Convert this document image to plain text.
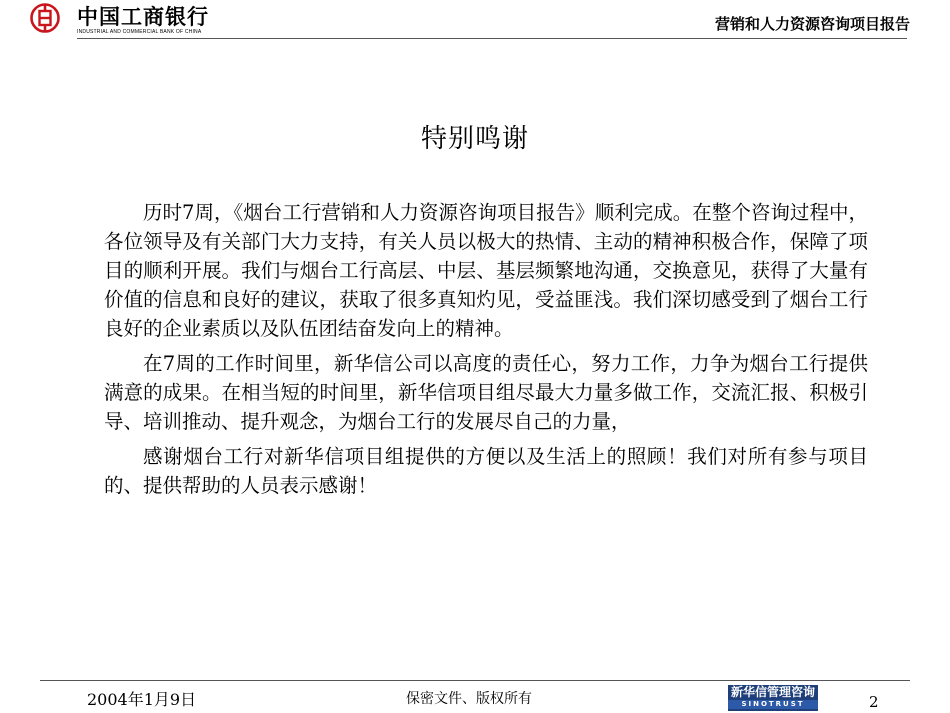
中国工商银行
INDUSTRIAL AND COMMERCIAL BANK OF CHINA	营销和人力资源咨询项目报告
特别鸣谢

历时7周，《烟台工行营销和人力资源咨询项目报告》顺利完成。在整个咨询过程中，各位领导及有关部门大力支持，有关人员以极大的热情、主动的精神积极合作，保障了项目的顺利开展。我们与烟台工行高层、中层、基层频繁地沟通，交换意见，获得了大量有价值的信息和良好的建议，获取了很多真知灼见，受益匪浅。我们深切感受到了烟台工行良好的企业素质以及队伍团结奋发向上的精神。

在7周的工作时间里，新华信公司以高度的责任心，努力工作，力争为烟台工行提供满意的成果。在相当短的时间里，新华信项目组尽最大力量多做工作，交流汇报、积极引导、培训推动、提升观念，为烟台工行的发展尽自己的力量，

感谢烟台工行对新华信项目组提供的方便以及生活上的照顾！我们对所有参与项目的、提供帮助的人员表示感谢！

2004年1月9日	保密文件、版权所有	新华信管理咨询
SINOTRUST	2
